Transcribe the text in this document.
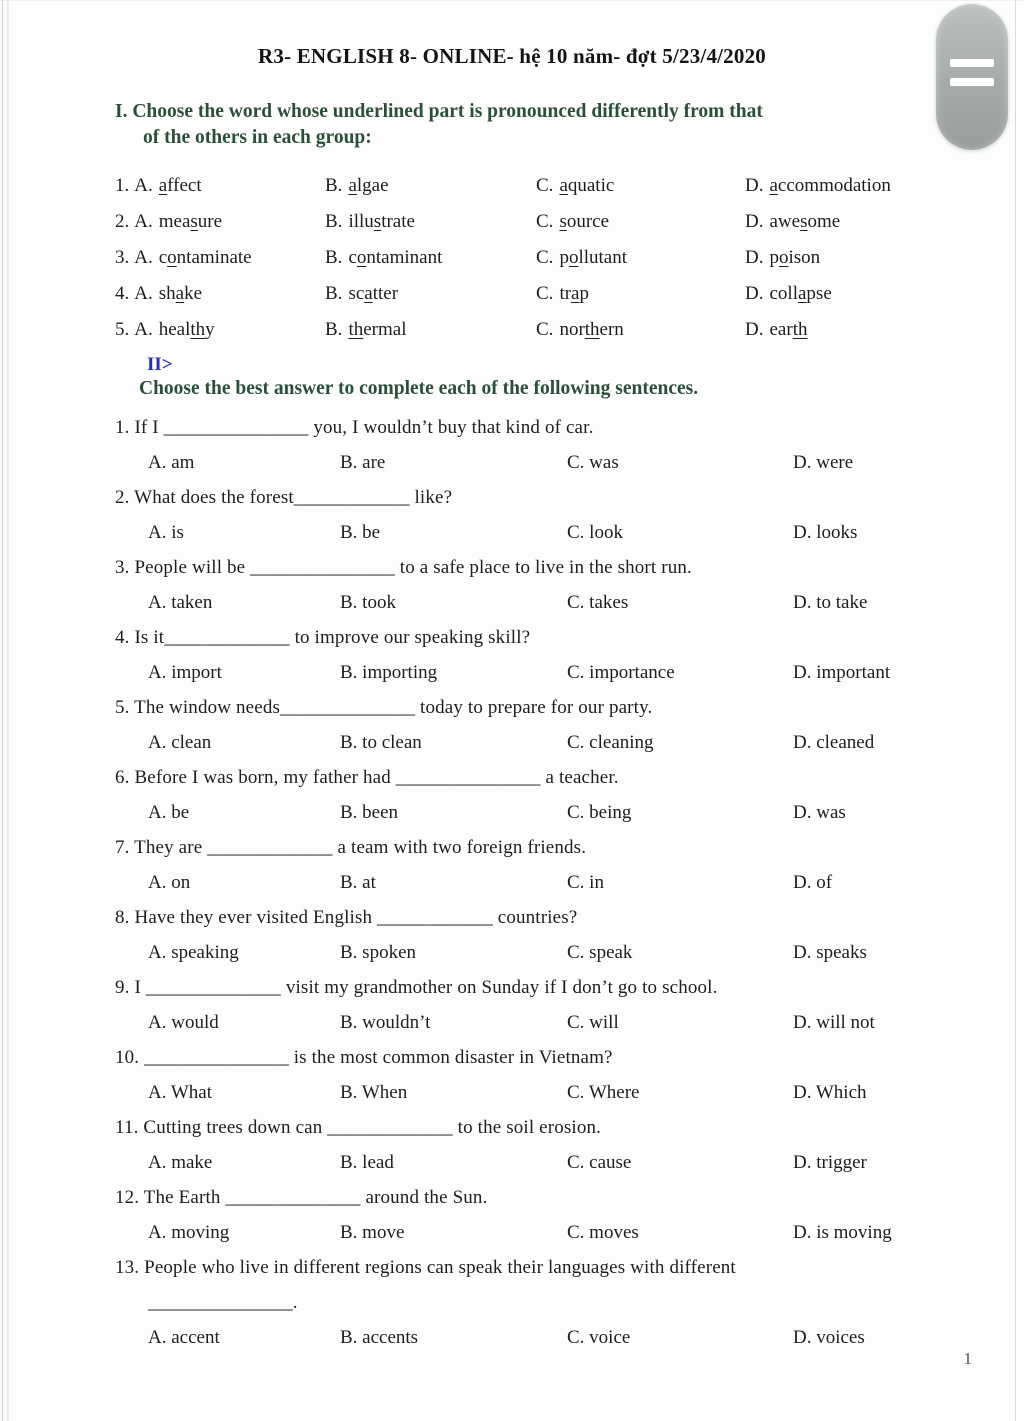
R3- ENGLISH 8- ONLINE- hệ 10 năm- đợt 5/23/4/2020
I. Choose the word whose underlined part is pronounced differently from that
of the others in each group:
1. A. affect	B. algae	C. aquatic	D. accommodation
2. A. measure	B. illustrate	C. source	D. awesome
3. A. contaminate	B. contaminant	C. pollutant	D. poison
4. A. shake	B. scatter	C. trap	D. collapse
5. A. healthy	B. thermal	C. northern	D. earth
II>
Choose the best answer to complete each of the following sentences.
1. If I _______________ you, I wouldn’t buy that kind of car.
A. am	B. are	C. was	D. were
2. What does the forest____________ like?
A. is	B. be	C. look	D. looks
3. People will be _______________ to a safe place to live in the short run.
A. taken	B. took	C. takes	D. to take
4. Is it_____________ to improve our speaking skill?
A. import	B. importing	C. importance	D. important
5. The window needs______________ today to prepare for our party.
A. clean	B. to clean	C. cleaning	D. cleaned
6. Before I was born, my father had _______________ a teacher.
A. be	B. been	C. being	D. was
7. They are _____________ a team with two foreign friends.
A. on	B. at	C. in	D. of
8. Have they ever visited English ____________ countries?
A. speaking	B. spoken	C. speak	D. speaks
9. I ______________ visit my grandmother on Sunday if I don’t go to school.
A. would	B. wouldn’t	C. will	D. will not
10. _______________ is the most common disaster in Vietnam?
A. What	B. When	C. Where	D. Which
11. Cutting trees down can _____________ to the soil erosion.
A. make	B. lead	C. cause	D. trigger
12. The Earth ______________ around the Sun.
A. moving	B. move	C. moves	D. is moving
13. People who live in different regions can speak their languages with different
_______________.
A. accent	B. accents	C. voice	D. voices
1
